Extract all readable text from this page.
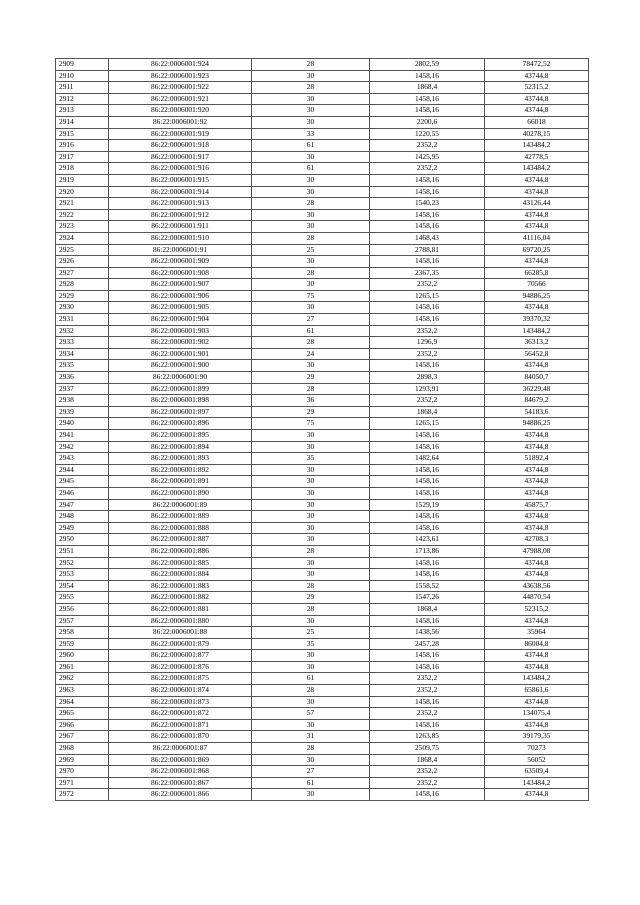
2909	86:22:0006001:924	28	2802,59	78472,52
2910	86:22:0006001:923	30	1458,16	43744,8
2911	86:22:0006001:922	28	1868,4	52315,2
2912	86:22:0006001:921	30	1458,16	43744,8
2913	86:22:0006001:920	30	1458,16	43744,8
2914	86:22:0006001:92	30	2200,6	66018
2915	86:22:0006001:919	33	1220,55	40278,15
2916	86:22:0006001:918	61	2352,2	143484,2
2917	86:22:0006001:917	30	1425,95	42778,5
2918	86:22:0006001:916	61	2352,2	143484,2
2919	86:22:0006001:915	30	1458,16	43744,8
2920	86:22:0006001:914	30	1458,16	43744,8
2921	86:22:0006001:913	28	1540,23	43126,44
2922	86:22:0006001:912	30	1458,16	43744,8
2923	86:22:0006001:911	30	1458,16	43744,8
2924	86:22:0006001:910	28	1468,43	41116,04
2925	86:22:0006001:91	25	2788,81	69720,25
2926	86:22:0006001:909	30	1458,16	43744,8
2927	86:22:0006001:908	28	2367,35	66285,8
2928	86:22:0006001:907	30	2352,2	70566
2929	86:22:0006001:906	75	1265,15	94886,25
2930	86:22:0006001:905	30	1458,16	43744,8
2931	86:22:0006001:904	27	1458,16	39370,32
2932	86:22:0006001:903	61	2352,2	143484,2
2933	86:22:0006001:902	28	1296,9	36313,2
2934	86:22:0006001:901	24	2352,2	56452,8
2935	86:22:0006001:900	30	1458,16	43744,8
2936	86:22:0006001:90	29	2898,3	84050,7
2937	86:22:0006001:899	28	1293,91	36229,48
2938	86:22:0006001:898	36	2352,2	84679,2
2939	86:22:0006001:897	29	1868,4	54183,6
2940	86:22:0006001:896	75	1265,15	94886,25
2941	86:22:0006001:895	30	1458,16	43744,8
2942	86:22:0006001:894	30	1458,16	43744,8
2943	86:22:0006001:893	35	1482,64	51892,4
2944	86:22:0006001:892	30	1458,16	43744,8
2945	86:22:0006001:891	30	1458,16	43744,8
2946	86:22:0006001:890	30	1458,16	43744,8
2947	86:22:0006001:89	30	1529,19	45875,7
2948	86:22:0006001:889	30	1458,16	43744,8
2949	86:22:0006001:888	30	1458,16	43744,8
2950	86:22:0006001:887	30	1423,61	42708,3
2951	86:22:0006001:886	28	1713,86	47988,08
2952	86:22:0006001:885	30	1458,16	43744,8
2953	86:22:0006001:884	30	1458,16	43744,8
2954	86:22:0006001:883	28	1558,52	43638,56
2955	86:22:0006001:882	29	1547,26	44870,54
2956	86:22:0006001:881	28	1868,4	52315,2
2957	86:22:0006001:880	30	1458,16	43744,8
2958	86:22:0006001:88	25	1438,56	35964
2959	86:22:0006001:879	35	2457,28	86004,8
2960	86:22:0006001:877	30	1458,16	43744,8
2961	86:22:0006001:876	30	1458,16	43744,8
2962	86:22:0006001:875	61	2352,2	143484,2
2963	86:22:0006001:874	28	2352,2	65861,6
2964	86:22:0006001:873	30	1458,16	43744,8
2965	86:22:0006001:872	57	2352,2	134075,4
2966	86:22:0006001:871	30	1458,16	43744,8
2967	86:22:0006001:870	31	1263,85	39179,35
2968	86:22:0006001:87	28	2509,75	70273
2969	86:22:0006001:869	30	1868,4	56052
2970	86:22:0006001:868	27	2352,2	63509,4
2971	86:22:0006001:867	61	2352,2	143484,2
2972	86:22:0006001:866	30	1458,16	43744,8
